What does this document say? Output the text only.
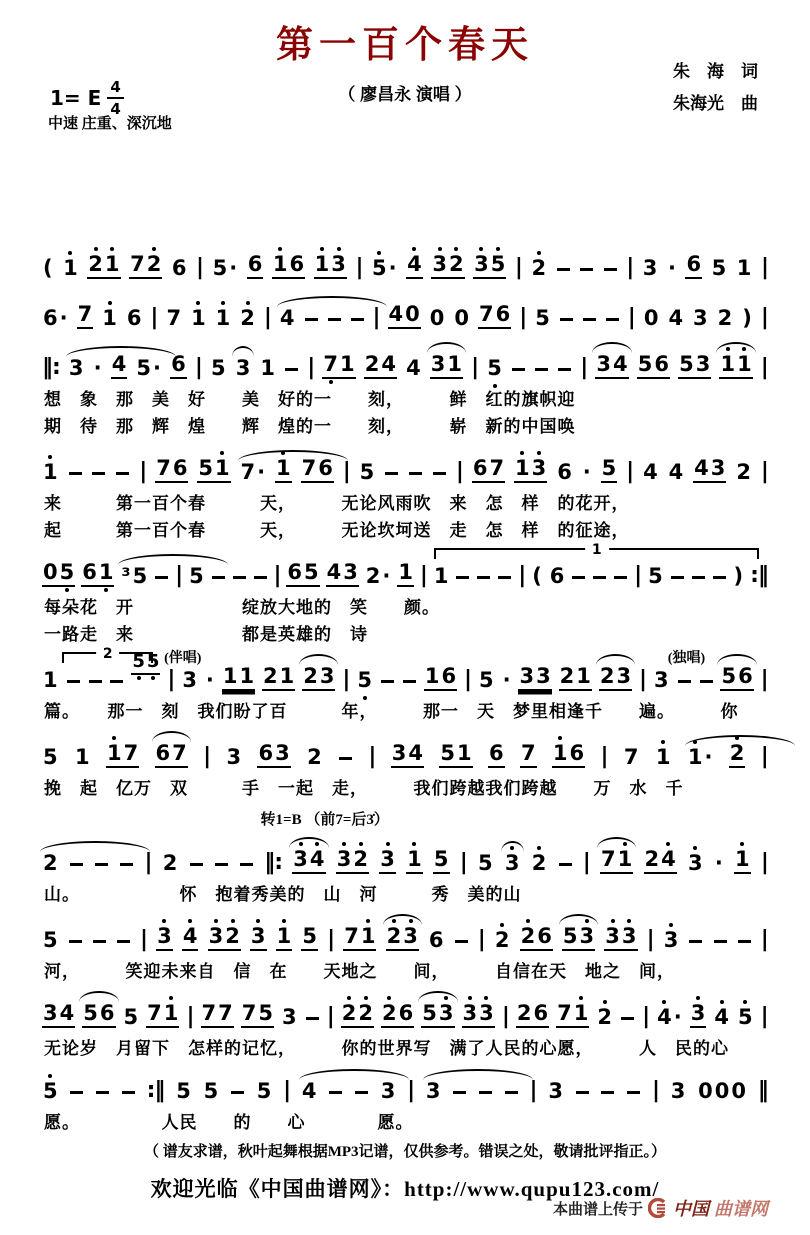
第一百个春天
朱　海　词
朱海光　曲
（ 廖昌永 演唱 ）
1= E $\frac{4}{4}$
中速 庄重、深沉地
( 1 2 1 7 2 6 | 5 · 6 1 6 1 3 | 5 · 4 3 2 3 5 | 2	| 3 · 6 5 1 |
6 · 7 1 6 | 7 1 1 2 | 4	| 4 0 0 0 7 6 | 5	| 0 4 3 2 ) |
‖: 3 · 4 5 · 6 | 5 3 1 | 7 1 2 4 4 3 1 | 5	| 3 4 5 6 5 3 1 1 |
想　象　那　美　好　　美　好的一　　刻，　　　鲜　红的旗帜迎
期　待　那　辉　煌　　辉　煌的一　　刻，　　　崭　新的中国唤
1	| 7 6 5 1 7 · 1 7 6 | 5	| 6 7 1 3 6 · 5 | 4 4 4 3 2 |
来　　　第一百个春　　　天，　　　无论风雨吹　来　怎　样　的花开，
起　　　第一百个春　　　天，　　　无论坎坷送　走　怎　样　的征途，
1
0 5 6 1 ³ 5 | 5	| 6 5 4 3 2 · 1 | 1	| ( 6	| 5	) :‖
每朵花　开　　　　　　绽放大地的　笑　　颜。
一路走　来　　　　　　都是英雄的　诗
2	(伴唱)	(独唱)
1
5 5
| 3 · 1 1 2 1 2 3 | 5	1 6 | 5 · 3 3 2 1 2 3 | 3	5 6 |
篇。　　那一　刻　我们盼了百　　　年，　　　那一　天　梦里相逢千　　遍。　　　你
5 1 1 7 6 7 | 3 6 3 2 | 3 4 5 1 6 7 1 6 | 7 1 1 · 2 |
挽　起　亿万　双　　　手　一起　走，　　　我们跨越我们跨越　　万　水　千
转1=B （前7=后3̇）
2	| 2	‖: 3 4 3 2 3 1 5 | 5 3 2 | 7 1 2 4 3 · 1 |
山。　　　　　　怀　抱着秀美的　山　河　　　秀　美的山
5	| 3 4 3 2 3 1 5 | 7 1 2 3 6 | 2 2 6 5 3 3 3 | 3	|
河，　　　笑迎未来自　信　在　　天地之　　间，　　　自信在天　地之　间，
3 4 5 6 5 7 1 | 7 7 7 5 3 | 2 2 2 6 5 3 3 3 | 2 6 7 1 2 | 4 · 3 4 5 |
无论岁　月留下　怎样的记忆，　　　你的世界写　满了人民的心愿，　　　人　民的心
5	:‖ 5 5 5 | 4	3 | 3	| 3	| 3 0 0 0 ‖
愿。　　　　　人民　　的　　心　　　　愿。
（ 谱友求谱，秋叶起舞根据MP3记谱，仅供参考。错误之处，敬请批评指正。）
欢迎光临《中国曲谱网》：http://www.qupu123.com/
本曲谱上传于 中国 曲谱网
